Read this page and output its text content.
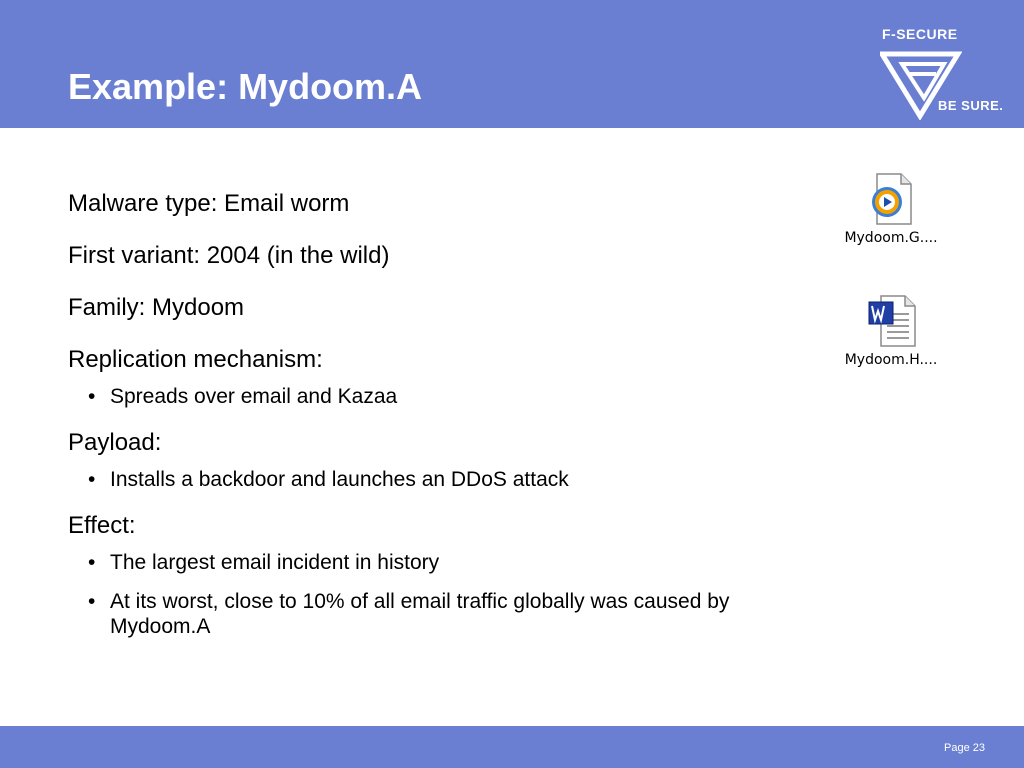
Example: Mydoom.A
F-SECURE
BE SURE.
Malware type: Email worm
First variant: 2004 (in the wild)
Family: Mydoom
Replication mechanism:
• Spreads over email and Kazaa
Payload:
• Installs a backdoor and launches an DDoS attack
Effect:
• The largest email incident in history
• At its worst, close to 10% of all email traffic globally was caused by Mydoom.A
Mydoom.G....
Mydoom.H....
Page 23
